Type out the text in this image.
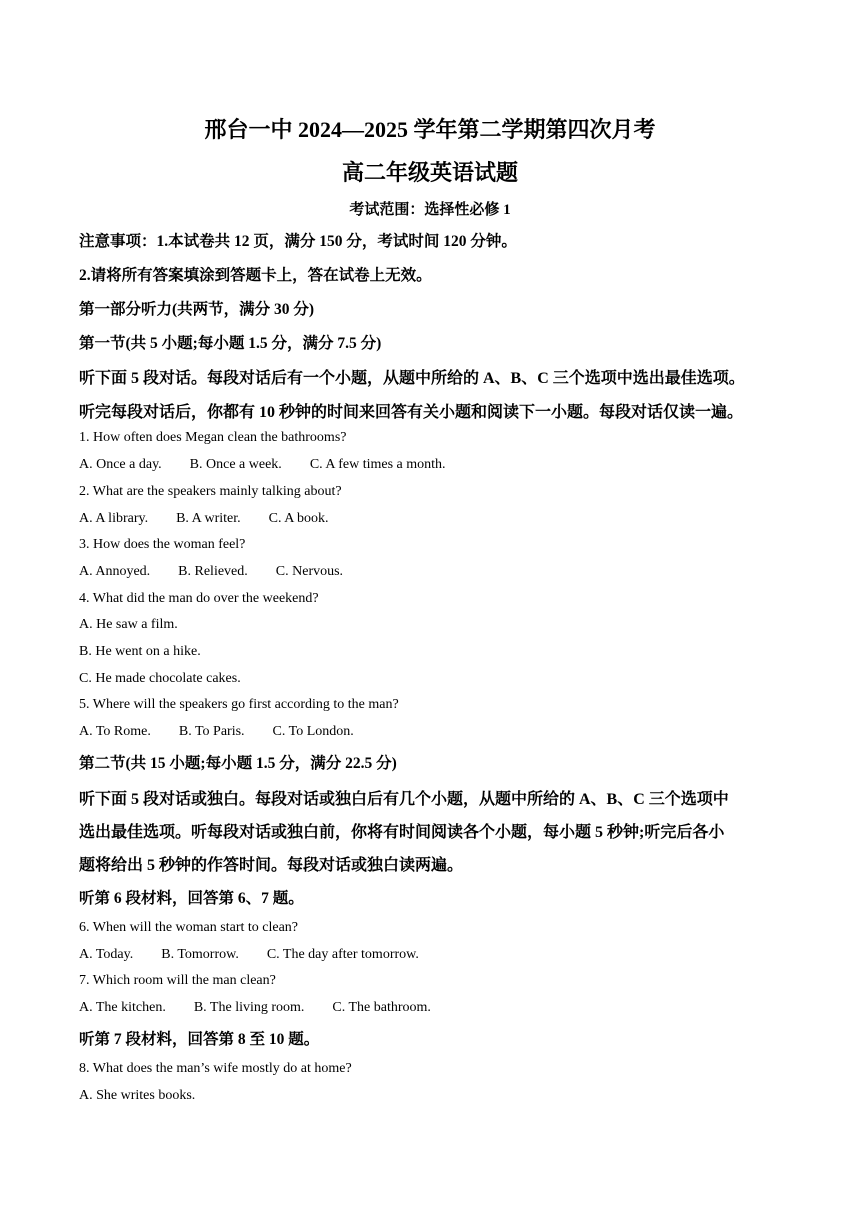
邢台一中 2024—2025 学年第二学期第四次月考
高二年级英语试题
考试范围：选择性必修 1
注意事项：1.本试卷共 12 页，满分 150 分，考试时间 120 分钟。
2.请将所有答案填涂到答题卡上，答在试卷上无效。
第一部分听力(共两节，满分 30 分)
第一节(共 5 小题;每小题 1.5 分，满分 7.5 分)
听下面 5 段对话。每段对话后有一个小题，从题中所给的 A、B、C 三个选项中选出最佳选项。
听完每段对话后，你都有 10 秒钟的时间来回答有关小题和阅读下一小题。每段对话仅读一遍。
1. How often does Megan clean the bathrooms?
A. Once a day. B. Once a week. C. A few times a month.
2. What are the speakers mainly talking about?
A. A library. B. A writer. C. A book.
3. How does the woman feel?
A. Annoyed. B. Relieved. C. Nervous.
4. What did the man do over the weekend?
A. He saw a film.
B. He went on a hike.
C. He made chocolate cakes.
5. Where will the speakers go first according to the man?
A. To Rome. B. To Paris. C. To London.
第二节(共 15 小题;每小题 1.5 分，满分 22.5 分)
听下面 5 段对话或独白。每段对话或独白后有几个小题，从题中所给的 A、B、C 三个选项中
选出最佳选项。听每段对话或独白前，你将有时间阅读各个小题，每小题 5 秒钟;听完后各小
题将给出 5 秒钟的作答时间。每段对话或独白读两遍。
听第 6 段材料，回答第 6、7 题。
6. When will the woman start to clean?
A. Today. B. Tomorrow. C. The day after tomorrow.
7. Which room will the man clean?
A. The kitchen. B. The living room. C. The bathroom.
听第 7 段材料，回答第 8 至 10 题。
8. What does the man’s wife mostly do at home?
A. She writes books.
